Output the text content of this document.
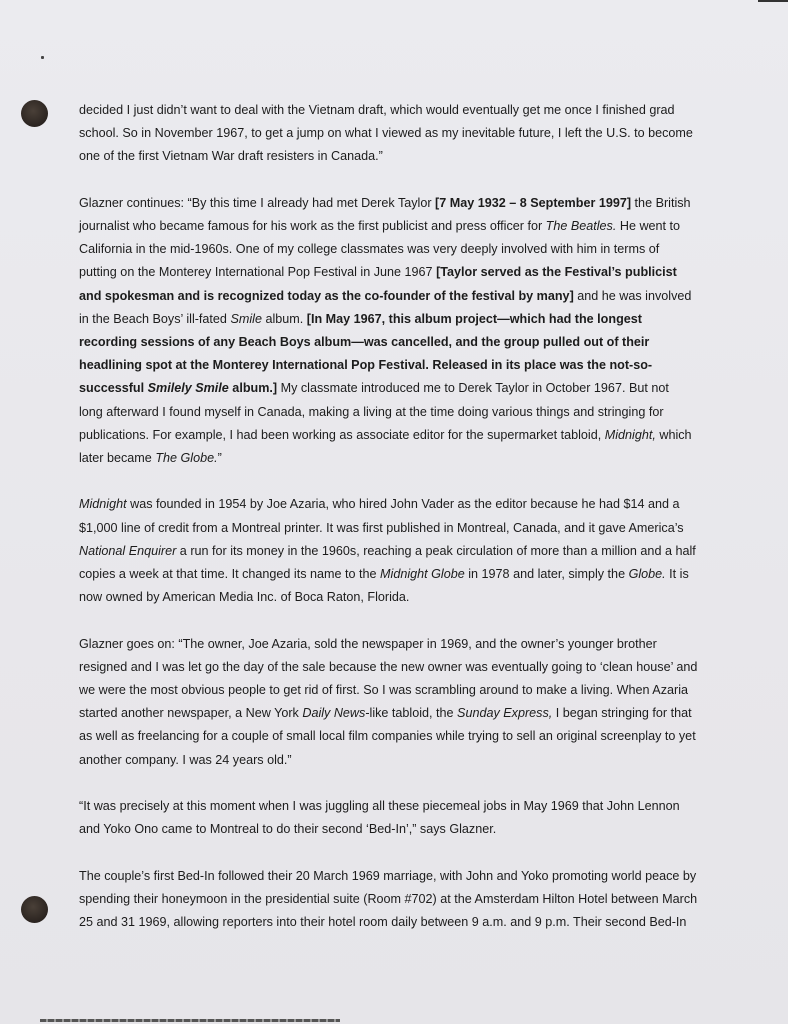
decided I just didn’t want to deal with the Vietnam draft, which would eventually get me once I finished grad
school. So in November 1967, to get a jump on what I viewed as my inevitable future, I left the U.S. to become
one of the first Vietnam War draft resisters in Canada.”

Glazner continues: “By this time I already had met Derek Taylor [7 May 1932 – 8 September 1997] the British
journalist who became famous for his work as the first publicist and press officer for The Beatles. He went to
California in the mid-1960s. One of my college classmates was very deeply involved with him in terms of
putting on the Monterey International Pop Festival in June 1967 [Taylor served as the Festival’s publicist
and spokesman and is recognized today as the co-founder of the festival by many] and he was involved
in the Beach Boys’ ill-fated Smile album. [In May 1967, this album project—which had the longest
recording sessions of any Beach Boys album—was cancelled, and the group pulled out of their
headlining spot at the Monterey International Pop Festival. Released in its place was the not-so-
successful Smilely Smile album.] My classmate introduced me to Derek Taylor in October 1967. But not
long afterward I found myself in Canada, making a living at the time doing various things and stringing for
publications. For example, I had been working as associate editor for the supermarket tabloid, Midnight, which
later became The Globe.”

Midnight was founded in 1954 by Joe Azaria, who hired John Vader as the editor because he had $14 and a
$1,000 line of credit from a Montreal printer. It was first published in Montreal, Canada, and it gave America’s
National Enquirer a run for its money in the 1960s, reaching a peak circulation of more than a million and a half
copies a week at that time. It changed its name to the Midnight Globe in 1978 and later, simply the Globe. It is
now owned by American Media Inc. of Boca Raton, Florida.

Glazner goes on: “The owner, Joe Azaria, sold the newspaper in 1969, and the owner’s younger brother
resigned and I was let go the day of the sale because the new owner was eventually going to ‘clean house’ and
we were the most obvious people to get rid of first. So I was scrambling around to make a living. When Azaria
started another newspaper, a New York Daily News-like tabloid, the Sunday Express, I began stringing for that
as well as freelancing for a couple of small local film companies while trying to sell an original screenplay to yet
another company. I was 24 years old.”

“It was precisely at this moment when I was juggling all these piecemeal jobs in May 1969 that John Lennon
and Yoko Ono came to Montreal to do their second ‘Bed-In’,” says Glazner.

The couple’s first Bed-In followed their 20 March 1969 marriage, with John and Yoko promoting world peace by
spending their honeymoon in the presidential suite (Room #702) at the Amsterdam Hilton Hotel between March
25 and 31 1969, allowing reporters into their hotel room daily between 9 a.m. and 9 p.m. Their second Bed-In
